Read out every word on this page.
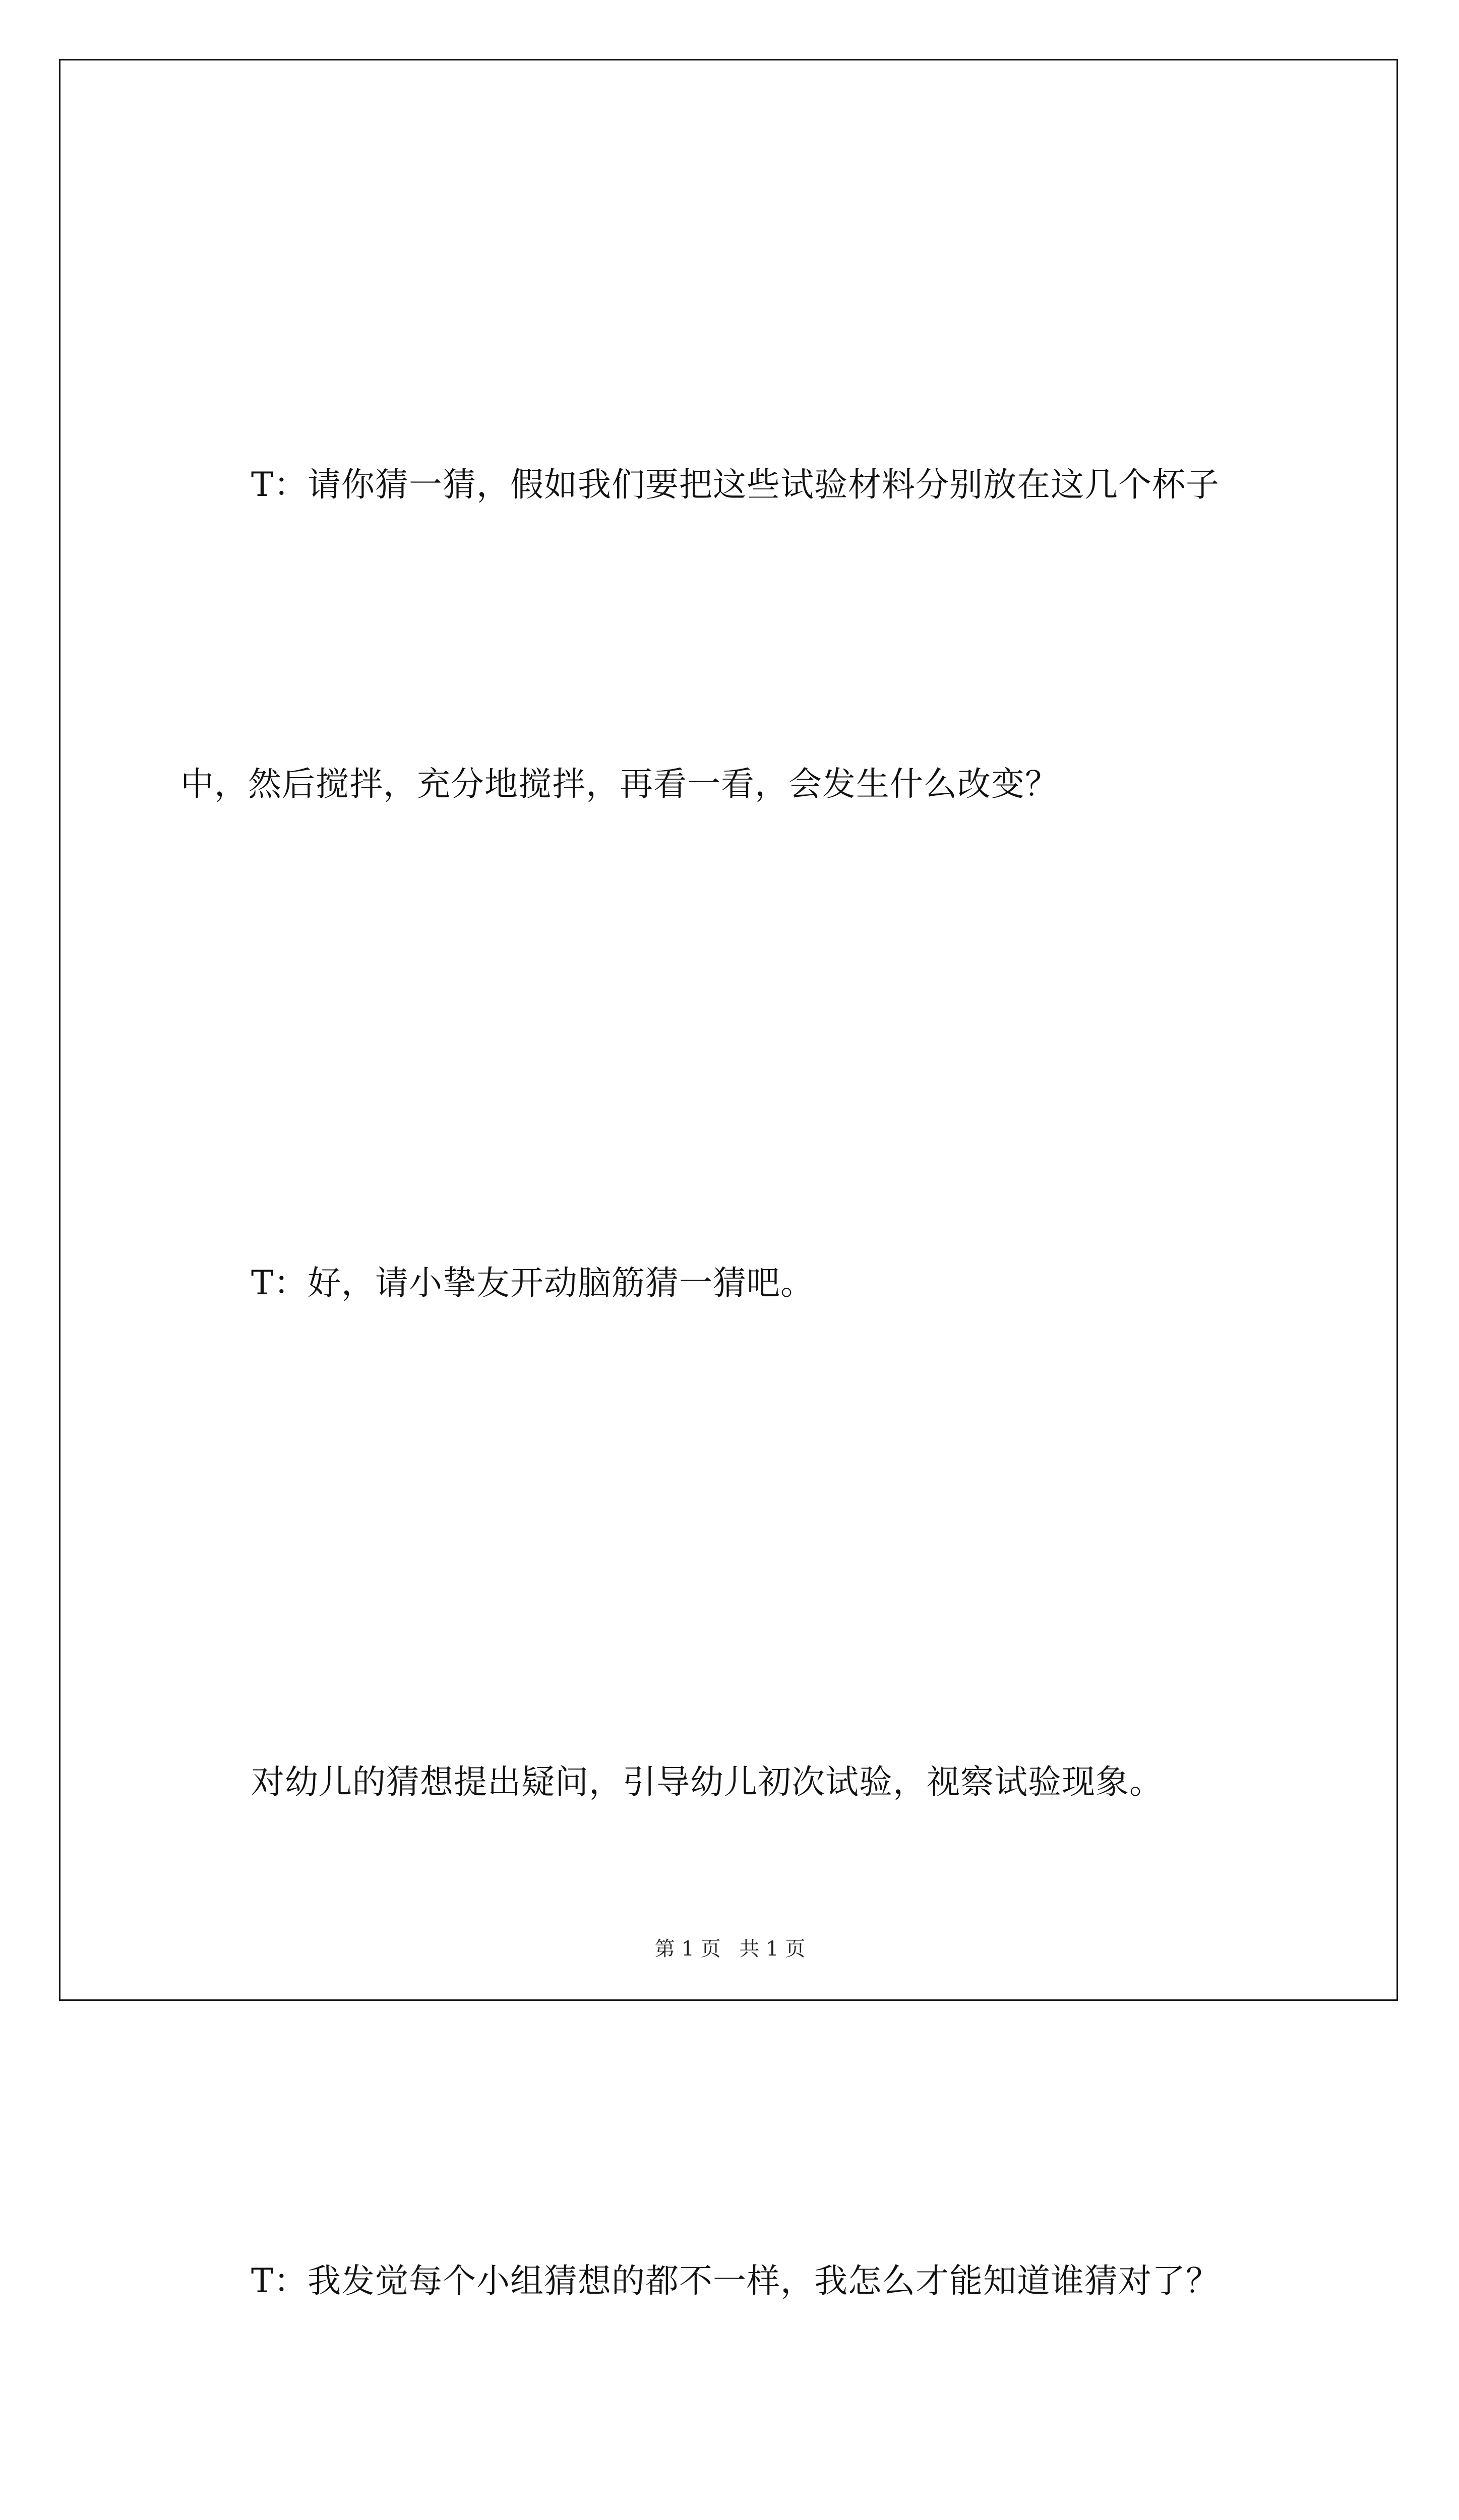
T：请你猜一猜，假如我们要把这些试验材料分别放在这几个杯子

中，然后搅拌，充分地搅拌，再看一看，会发生什么改变？

T：好，请小挚友开动脑筋猜一猜吧。

对幼儿的猜想提出疑问，引导幼儿初次试验，视察试验现象。

T：我发觉每个小组猜想的都不一样，我怎么才能知道谁猜对了？

第 1 页 共 1 页
